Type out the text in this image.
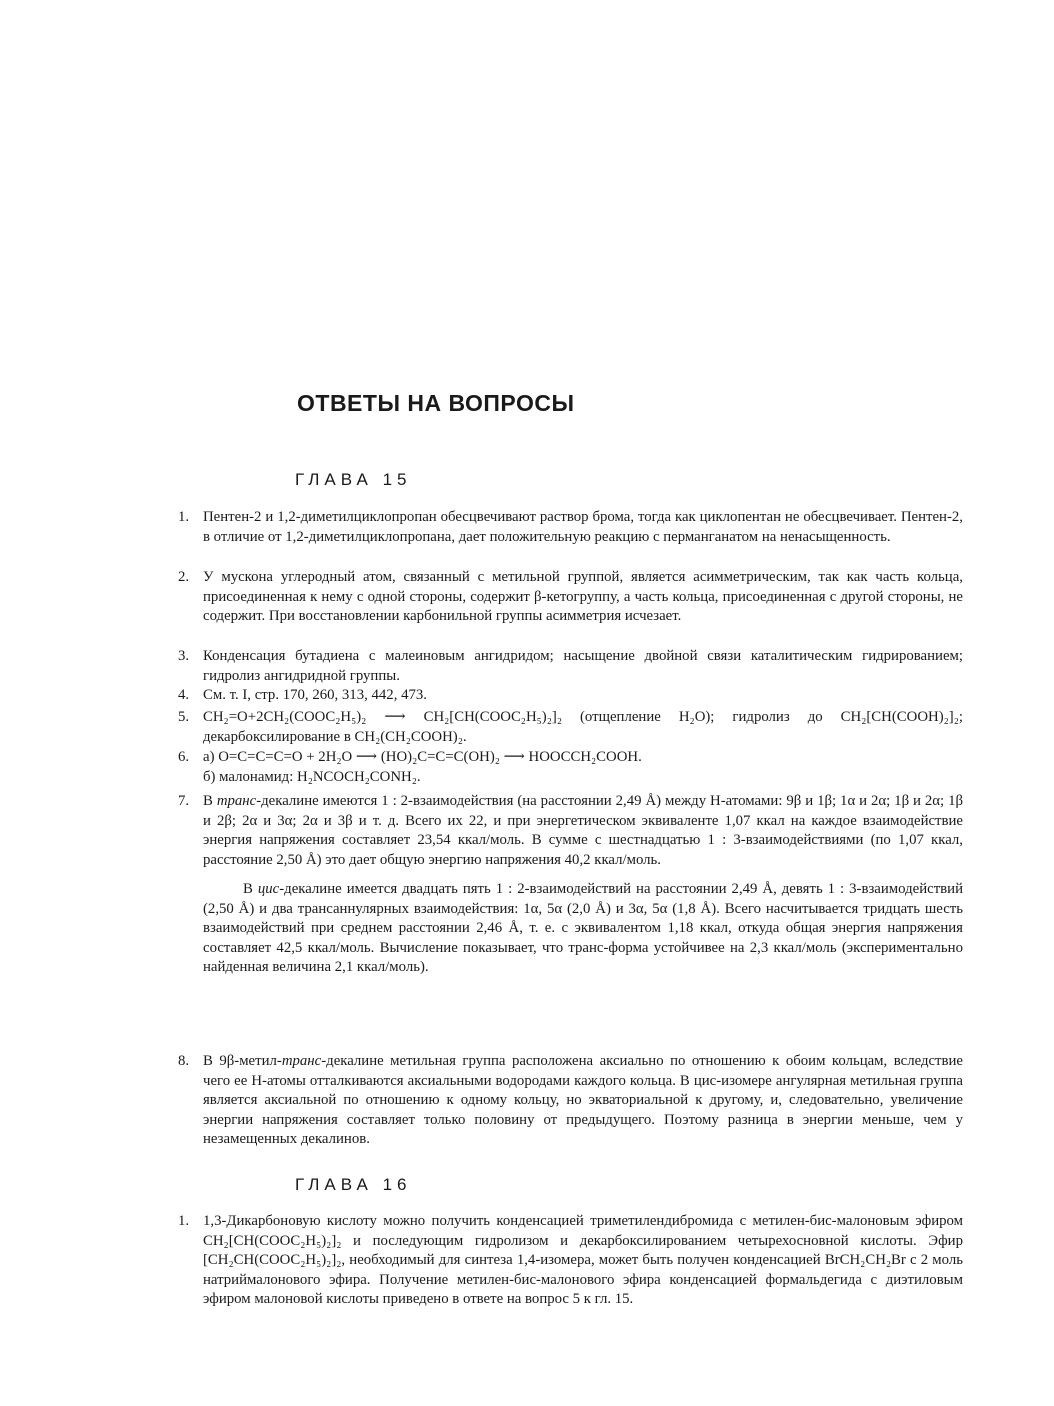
ОТВЕТЫ НА ВОПРОСЫ
ГЛАВА 15
1. Пентен-2 и 1,2-диметилциклопропан обесцвечивают раствор брома, тогда как циклопентан не обесцвечивает. Пентен-2, в отличие от 1,2-диметилциклопропана, дает положительную реакцию с перманганатом на ненасыщенность.
2. У мускона углеродный атом, связанный с метильной группой, является асимметрическим, так как часть кольца, присоединенная к нему с одной стороны, содержит β-кетогруппу, а часть кольца, присоединенная с другой стороны, не содержит. При восстановлении карбонильной группы асимметрия исчезает.
3. Конденсация бутадиена с малеиновым ангидридом; насыщение двойной связи каталитическим гидрированием; гидролиз ангидридной группы.
4. См. т. I, стр. 170, 260, 313, 442, 473.
5. CH₂=O+2CH₂(COOC₂H₅)₂ ⟶ CH₂[CH(COOC₂H₅)₂]₂ (отщепление H₂O); гидролиз до CH₂[CH(COOH)₂]₂; декарбоксилирование в CH₂(CH₂COOH)₂.
6. а) O=C=C=C=O + 2H₂O ⟶ (HO)₂C=C=C(OH)₂ ⟶ HOOCCH₂COOH.
б) малонамид: H₂NCOCH₂CONH₂.
7. В транс-декалине имеются 1 : 2-взаимодействия (на расстоянии 2,49 Å) между H-атомами: 9β и 1β; 1α и 2α; 1β и 2α; 1β и 2β; 2α и 3α; 2α и 3β и т. д. Всего их 22, и при энергетическом эквиваленте 1,07 ккал на каждое взаимодействие энергия напряжения составляет 23,54 ккал/моль. В сумме с шестнадцатью 1 : 3-взаимодействиями (по 1,07 ккал, расстояние 2,50 Å) это дает общую энергию напряжения 40,2 ккал/моль.
В цис-декалине имеется двадцать пять 1 : 2-взаимодействий на расстоянии 2,49 Å, девять 1 : 3-взаимодействий (2,50 Å) и два трансаннулярных взаимодействия: 1α, 5α (2,0 Å) и 3α, 5α (1,8 Å). Всего насчитывается тридцать шесть взаимодействий при среднем расстоянии 2,46 Å, т. е. с эквивалентом 1,18 ккал, откуда общая энергия напряжения составляет 42,5 ккал/моль. Вычисление показывает, что транс-форма устойчивее на 2,3 ккал/моль (экспериментально найденная величина 2,1 ккал/моль).
8. В 9β-метил-транс-декалине метильная группа расположена аксиально по отношению к обоим кольцам, вследствие чего ее H-атомы отталкиваются аксиальными водородами каждого кольца. В цис-изомере ангулярная метильная группа является аксиальной по отношению к одному кольцу, но экваториальной к другому, и, следовательно, увеличение энергии напряжения составляет только половину от предыдущего. Поэтому разница в энергии меньше, чем у незамещенных декалинов.
ГЛАВА 16
1. 1,3-Дикарбоновую кислоту можно получить конденсацией триметилендибромида с метилен-бис-малоновым эфиром CH₂[CH(COOC₂H₅)₂]₂ и последующим гидролизом и декарбоксилированием четырехосновной кислоты. Эфир [CH₂CH(COOC₂H₅)₂]₂, необходимый для синтеза 1,4-изомера, может быть получен конденсацией BrCH₂CH₂Br с 2 моль натриймалонового эфира. Получение метилен-бис-малонового эфира конденсацией формальдегида с диэтиловым эфиром малоновой кислоты приведено в ответе на вопрос 5 к гл. 15.
